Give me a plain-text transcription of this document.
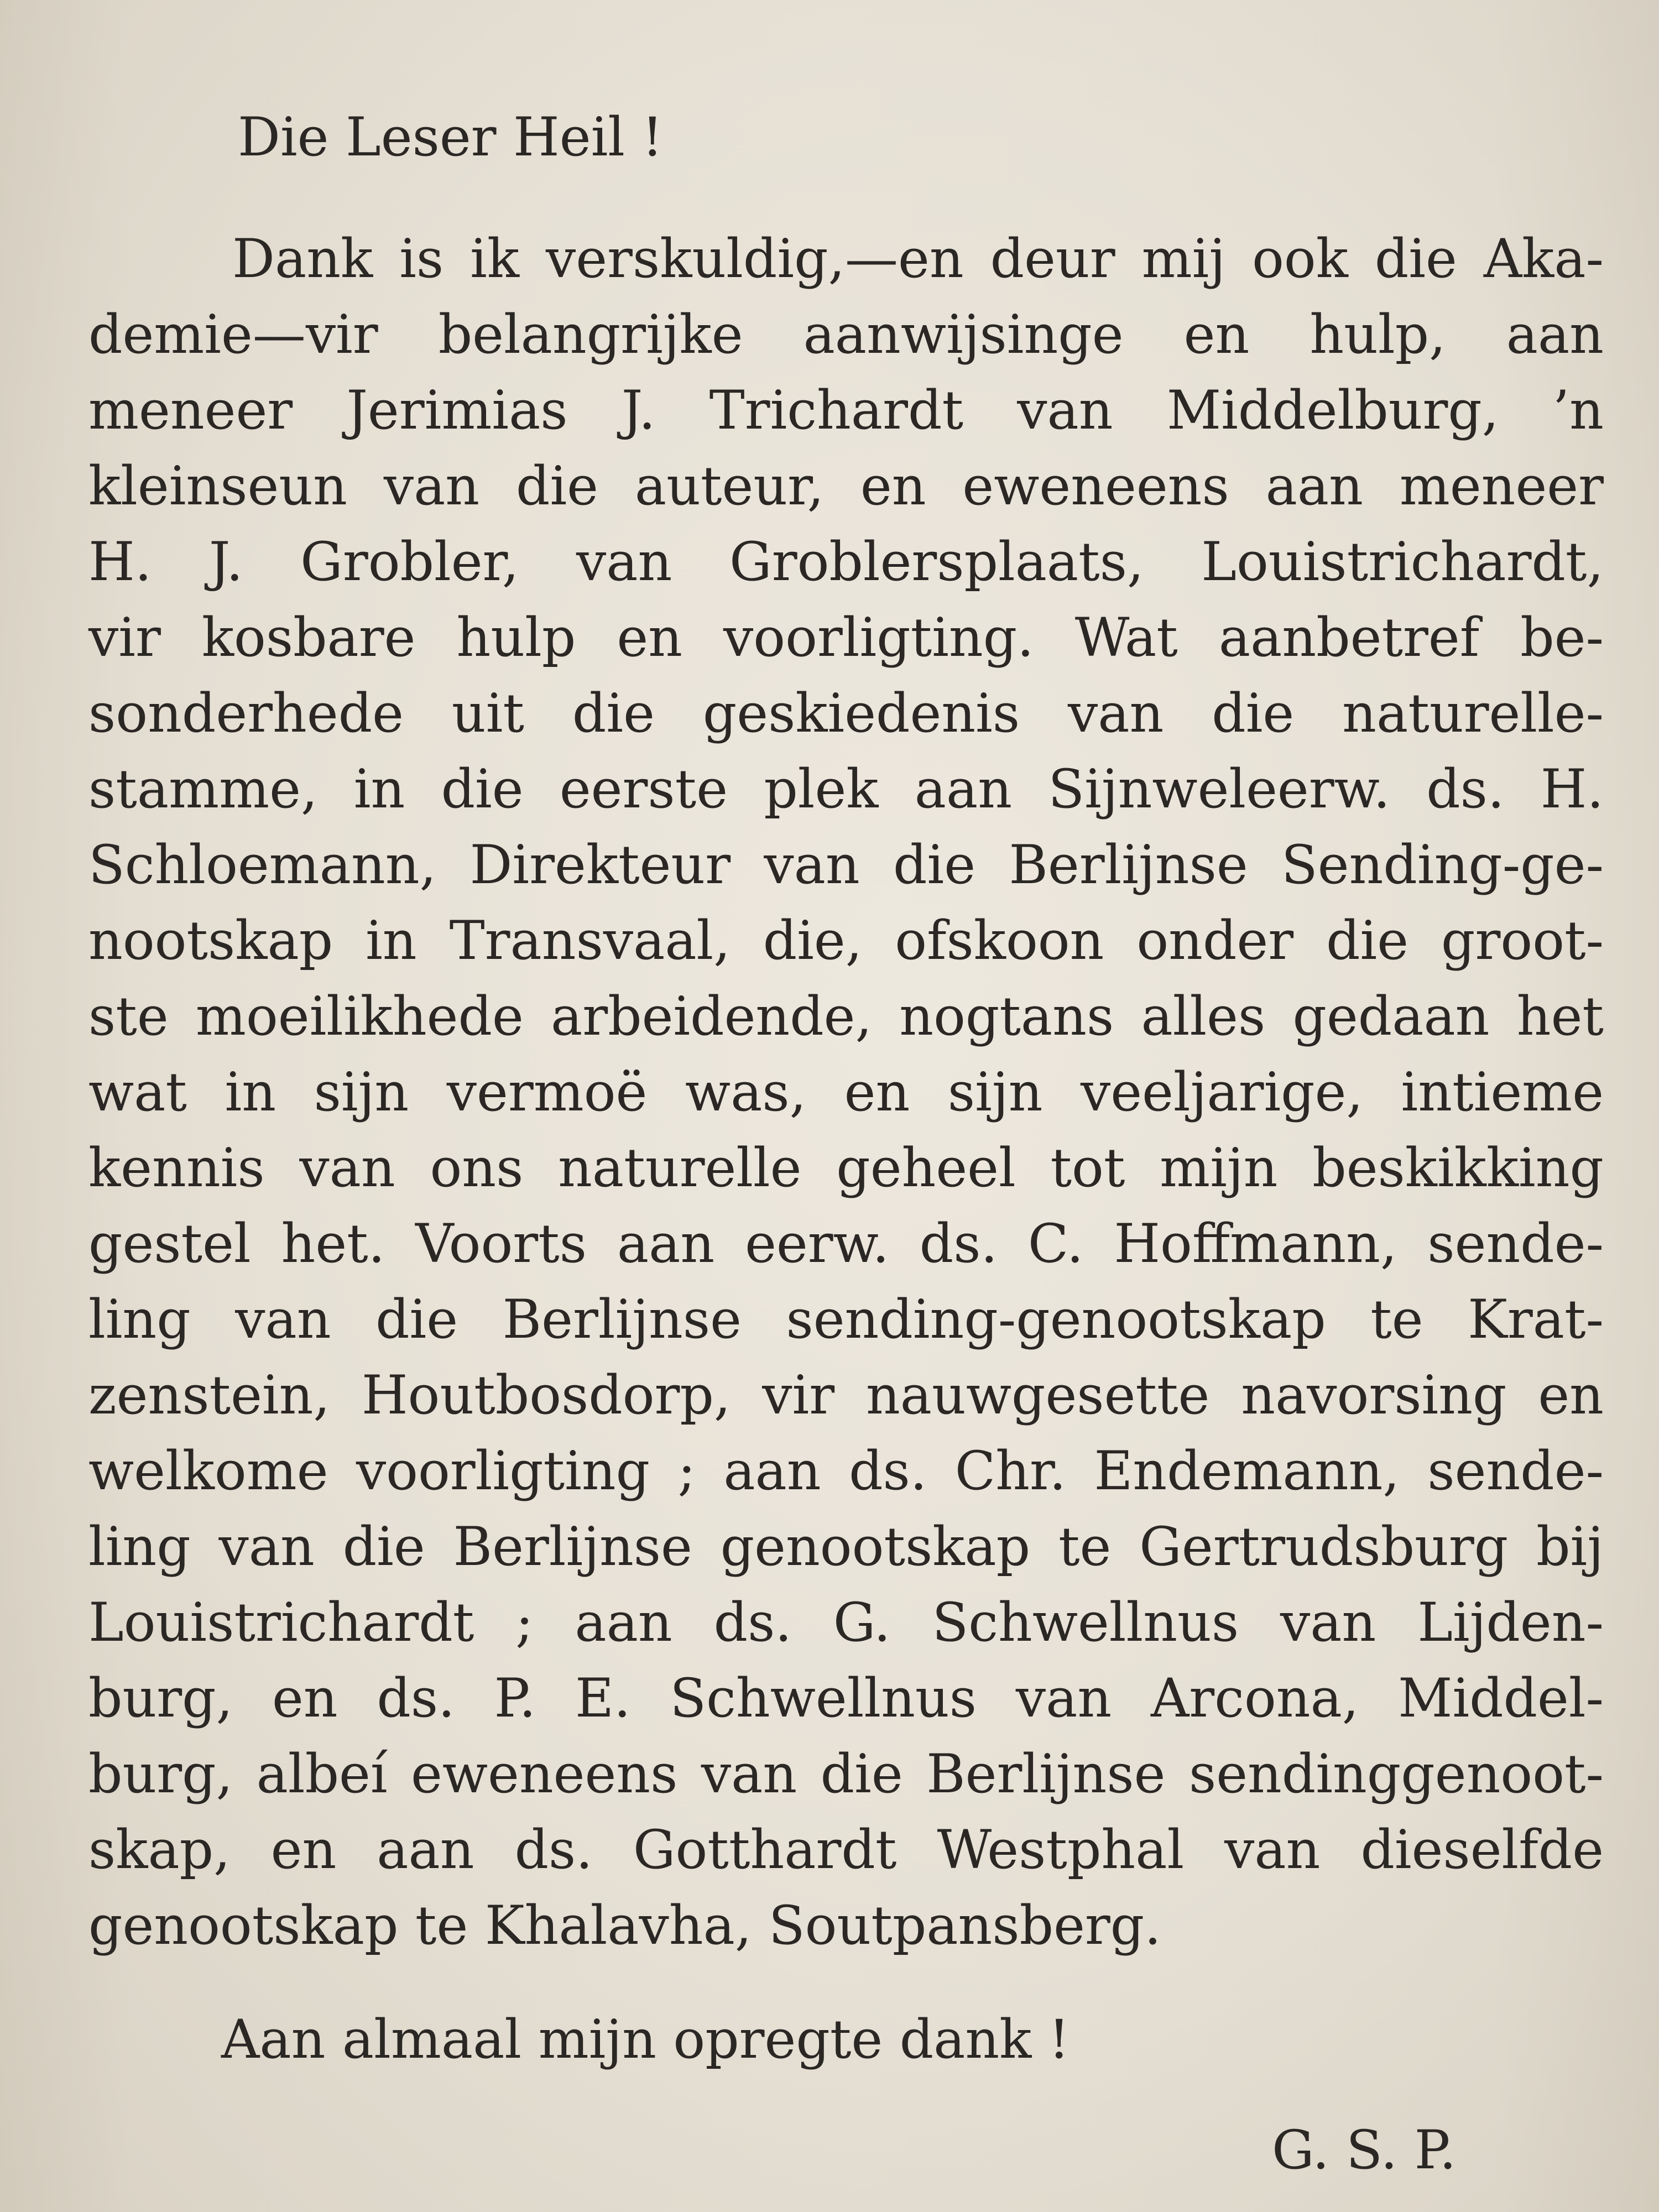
Die Leser Heil !

Dank is ik verskuldig,—en deur mij ook die Aka-
demie—vir belangrijke aanwijsinge en hulp, aan
meneer Jerimias J. Trichardt van Middelburg, ’n
kleinseun van die auteur, en eweneens aan meneer
H. J. Grobler, van Groblersplaats, Louistrichardt,
vir kosbare hulp en voorligting. Wat aanbetref be-
sonderhede uit die geskiedenis van die naturelle-
stamme, in die eerste plek aan Sijnweleerw. ds. H.
Schloemann, Direkteur van die Berlijnse Sending-ge-
nootskap in Transvaal, die, ofskoon onder die groot-
ste moeilikhede arbeidende, nogtans alles gedaan het
wat in sijn vermoë was, en sijn veeljarige, intieme
kennis van ons naturelle geheel tot mijn beskikking
gestel het. Voorts aan eerw. ds. C. Hoffmann, sende-
ling van die Berlijnse sending-genootskap te Krat-
zenstein, Houtbosdorp, vir nauwgesette navorsing en
welkome voorligting ; aan ds. Chr. Endemann, sende-
ling van die Berlijnse genootskap te Gertrudsburg bij
Louistrichardt ; aan ds. G. Schwellnus van Lijden-
burg, en ds. P. E. Schwellnus van Arcona, Middel-
burg, albeí eweneens van die Berlijnse sendinggenoot-
skap, en aan ds. Gotthardt Westphal van dieselfde
genootskap te Khalavha, Soutpansberg.

Aan almaal mijn opregte dank !

G. S. P.
